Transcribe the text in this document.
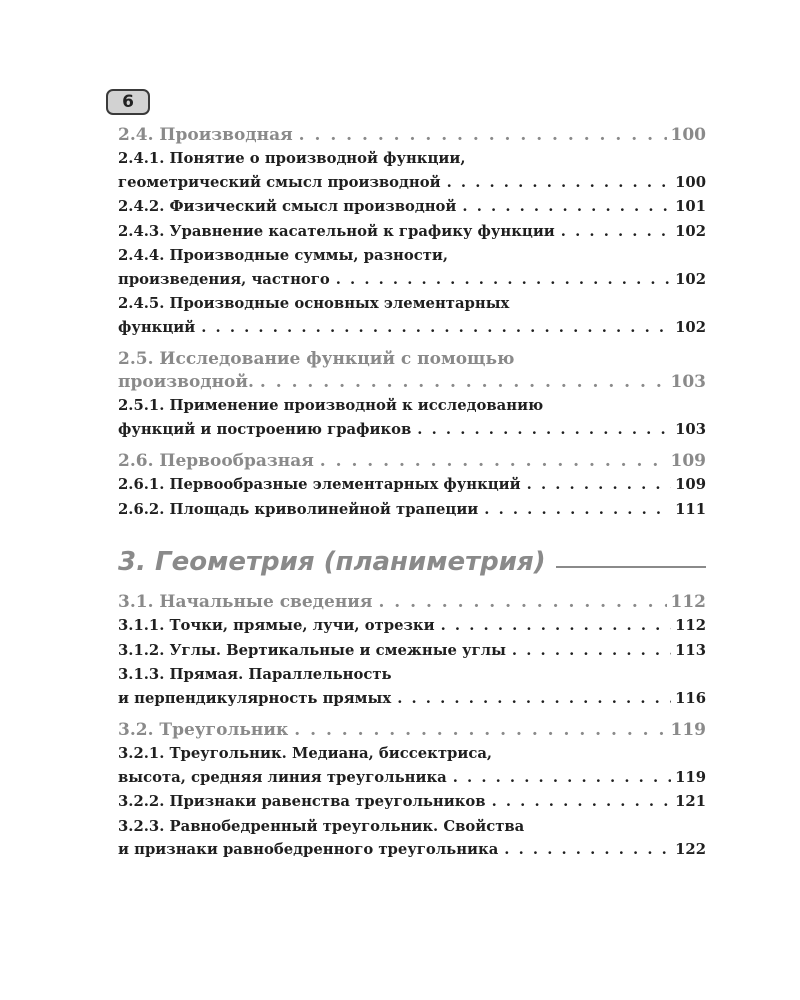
6
2.4. Производная . . .	100
2.4.1. Понятие о производной функции,
геометрический смысл производной . . .	100
2.4.2. Физический смысл производной . . .	101
2.4.3. Уравнение касательной к графику функции . . .	102
2.4.4. Производные суммы, разности,
произведения, частного . . .	102
2.4.5. Производные основных элементарных
функций . . .	102
2.5. Исследование функций с помощью
производной. . . .	103
2.5.1. Применение производной к исследованию
функций и построению графиков . . .	103
2.6. Первообразная . . .	109
2.6.1. Первообразные элементарных функций . . .	109
2.6.2. Площадь криволинейной трапеции . . .	111
3. Геометрия (планиметрия)
3.1. Начальные сведения . . .	112
3.1.1. Точки, прямые, лучи, отрезки . . .	112
3.1.2. Углы. Вертикальные и смежные углы . . .	113
3.1.3. Прямая. Параллельность
и перпендикулярность прямых . . .	116
3.2. Треугольник . . .	119
3.2.1. Треугольник. Медиана, биссектриса,
высота, средняя линия треугольника . . .	119
3.2.2. Признаки равенства треугольников . . .	121
3.2.3. Равнобедренный треугольник. Свойства
и признаки равнобедренного треугольника . . .	122
